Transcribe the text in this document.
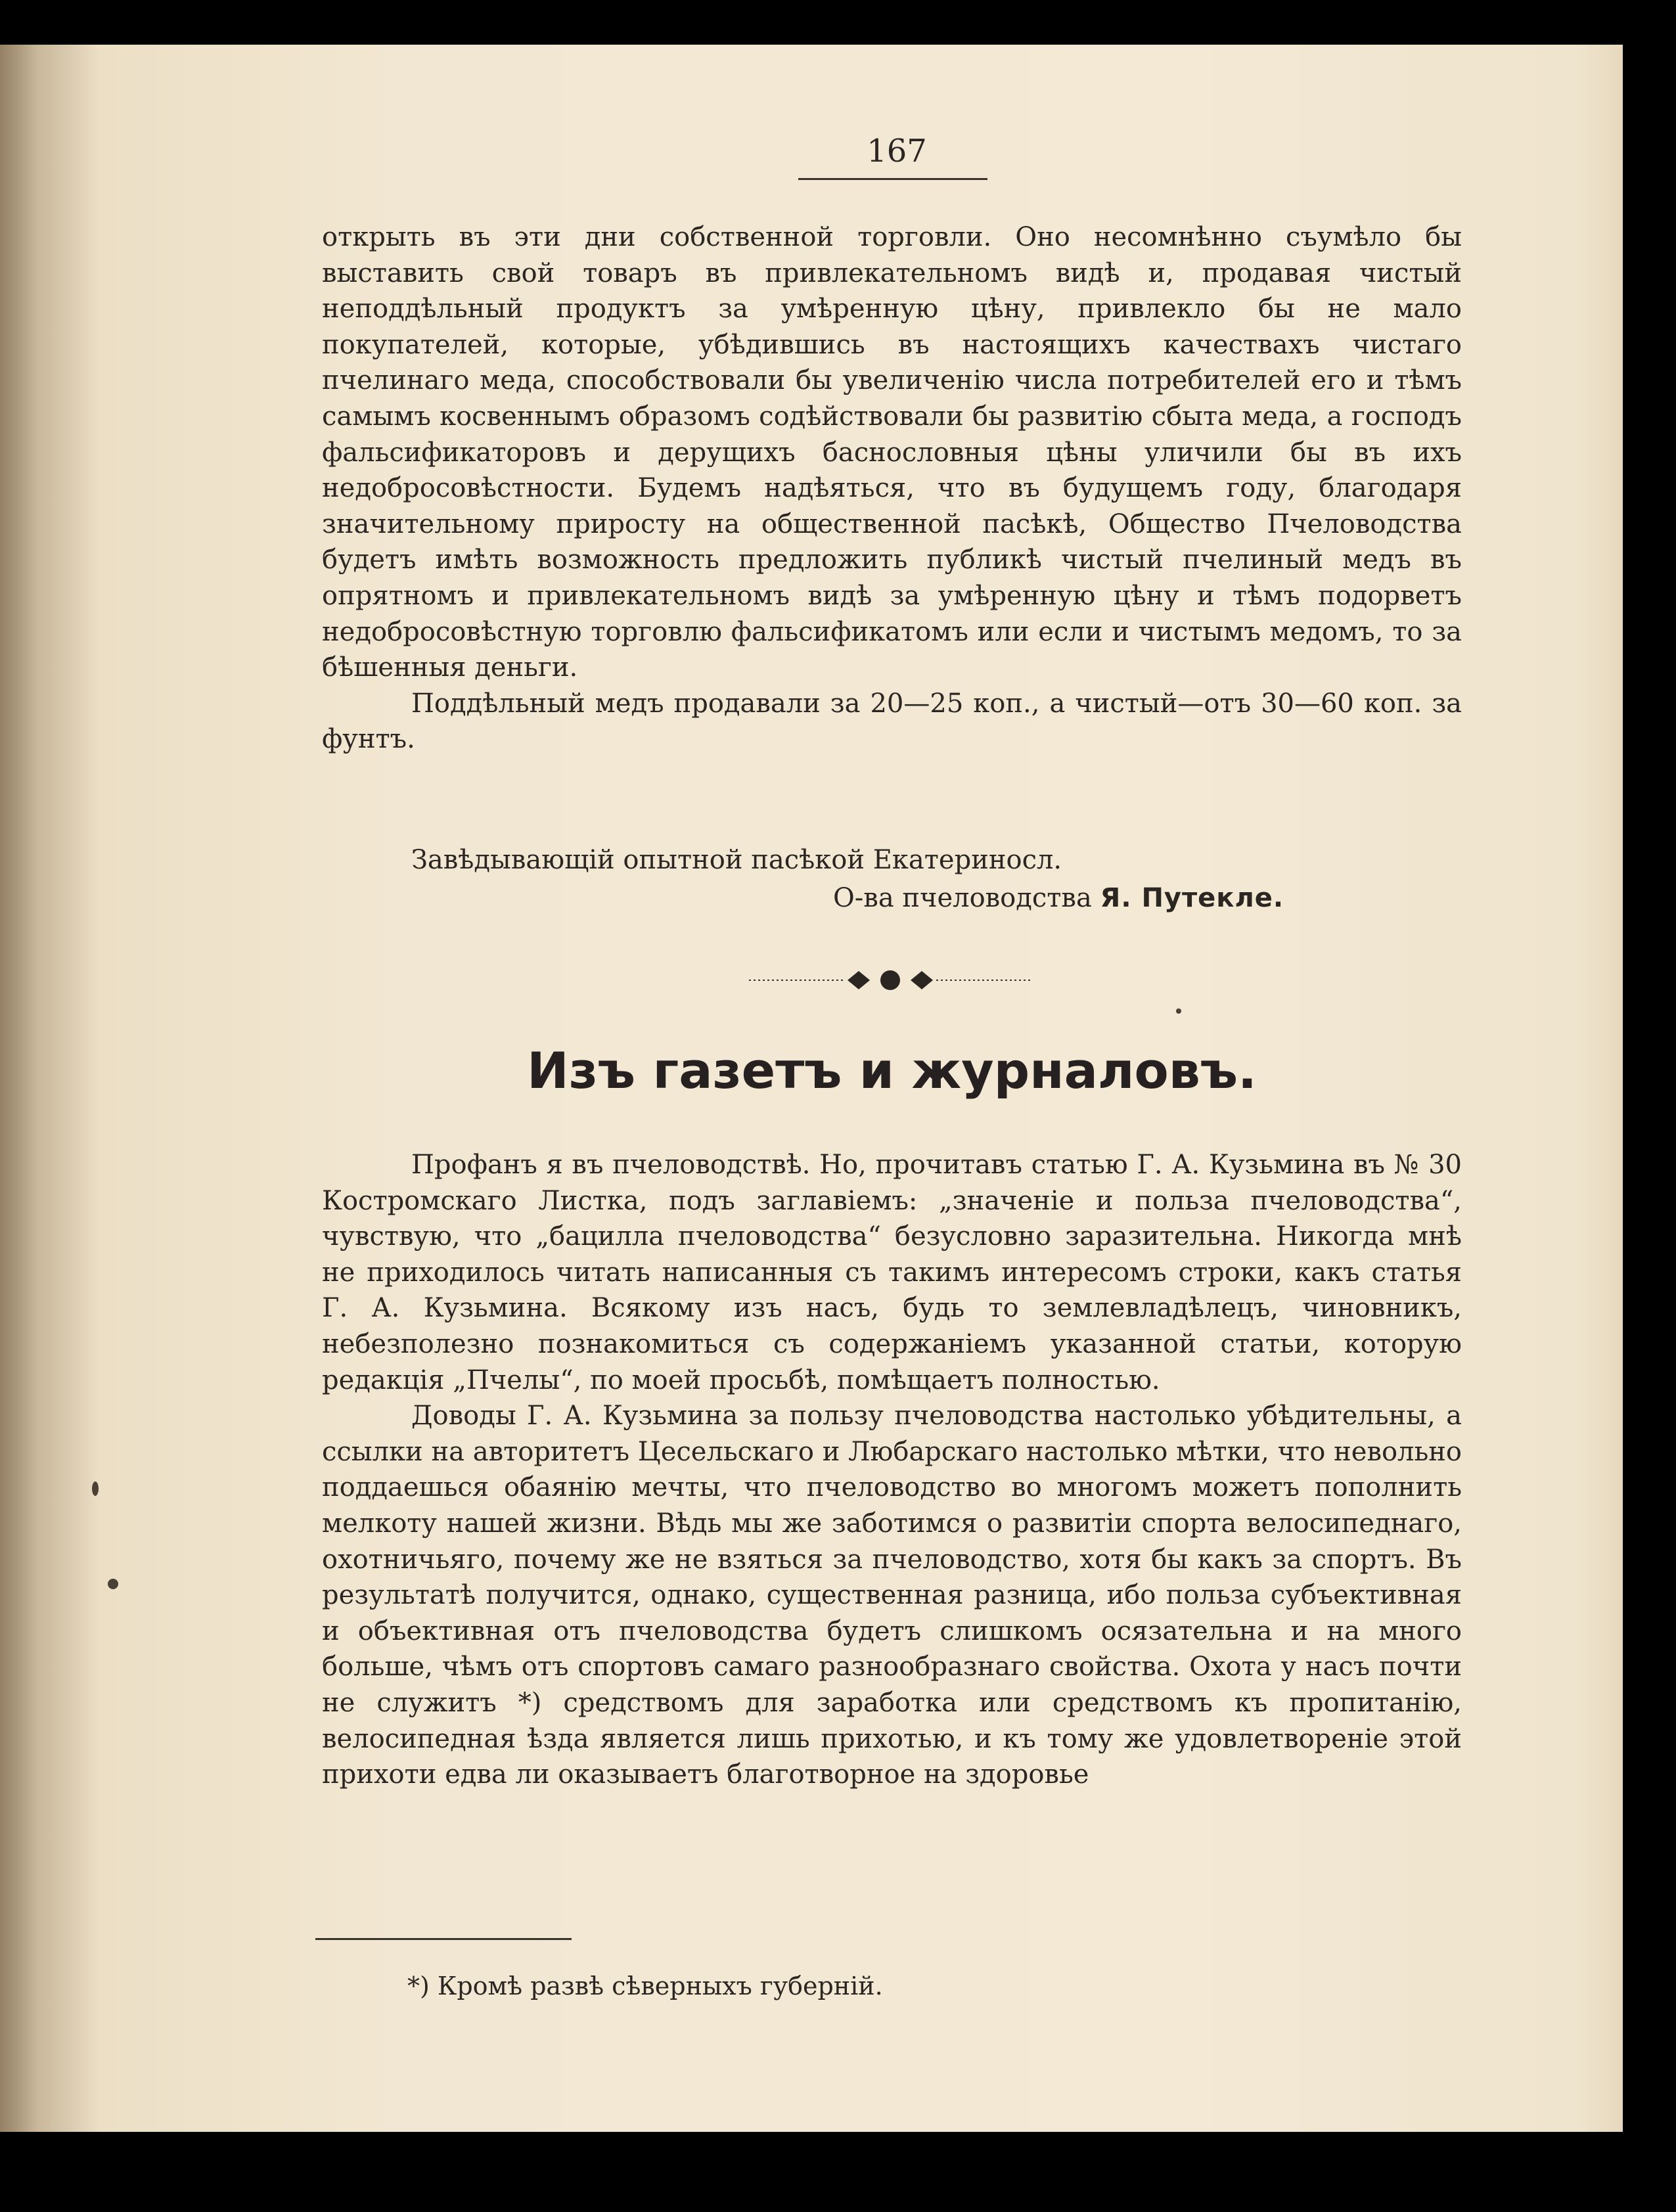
167

открыть въ эти дни собственной торговли. Оно несомнѣнно съумѣло бы выставить свой товаръ въ привлекательномъ видѣ и, продавая чистый неподдѣльный продуктъ за умѣренную цѣну, привлекло бы не мало покупателей, которые, убѣдившись въ настоящихъ качествахъ чистаго пчелинаго меда, способствовали бы увеличенію числа потребителей его и тѣмъ самымъ косвеннымъ образомъ содѣйствовали бы развитію сбыта меда, а господъ фальсификаторовъ и дерущихъ баснословныя цѣны уличили бы въ ихъ недобросовѣстности. Будемъ надѣяться, что въ будущемъ году, благодаря значительному приросту на общественной пасѣкѣ, Общество Пчеловодства будетъ имѣть возможность предложить публикѣ чистый пчелиный медъ въ опрятномъ и привлекательномъ видѣ за умѣренную цѣну и тѣмъ подорветъ недобросовѣстную торговлю фальсификатомъ или если и чистымъ медомъ, то за бѣшенныя деньги.

Поддѣльный медъ продавали за 20—25 коп., а чистый—отъ 30—60 коп. за фунтъ.

Завѣдывающій опытной пасѣкой Екатериносл.
О-ва пчеловодства Я. Путекле.
Изъ газетъ и журналовъ.

Профанъ я въ пчеловодствѣ. Но, прочитавъ статью Г. А. Кузьмина въ № 30 Костромскаго Листка, подъ заглавіемъ: „значеніе и польза пчеловодства“, чувствую, что „бацилла пчеловодства“ безусловно заразительна. Никогда мнѣ не приходилось читать написанныя съ такимъ интересомъ строки, какъ статья Г. А. Кузьмина. Всякому изъ насъ, будь то землевладѣлецъ, чиновникъ, небезполезно познакомиться съ содержаніемъ указанной статьи, которую редакція „Пчелы“, по моей просьбѣ, помѣщаетъ полностью.

Доводы Г. А. Кузьмина за пользу пчеловодства настолько убѣдительны, а ссылки на авторитетъ Цесельскаго и Любарскаго настолько мѣтки, что невольно поддаешься обаянію мечты, что пчеловодство во многомъ можетъ пополнить мелкоту нашей жизни. Вѣдь мы же заботимся о развитіи спорта велосипеднаго, охотничьяго, почему же не взяться за пчеловодство, хотя бы какъ за спортъ. Въ результатѣ получится, однако, существенная разница, ибо польза субъективная и объективная отъ пчеловодства будетъ слишкомъ осязательна и на много больше, чѣмъ отъ спортовъ самаго разнообразнаго свойства. Охота у насъ почти не служитъ *) средствомъ для заработка или средствомъ къ пропитанію, велосипедная ѣзда является лишь прихотью, и къ тому же удовлетвореніе этой прихоти едва ли оказываетъ благотворное на здоровье

*) Кромѣ развѣ сѣверныхъ губерній.
